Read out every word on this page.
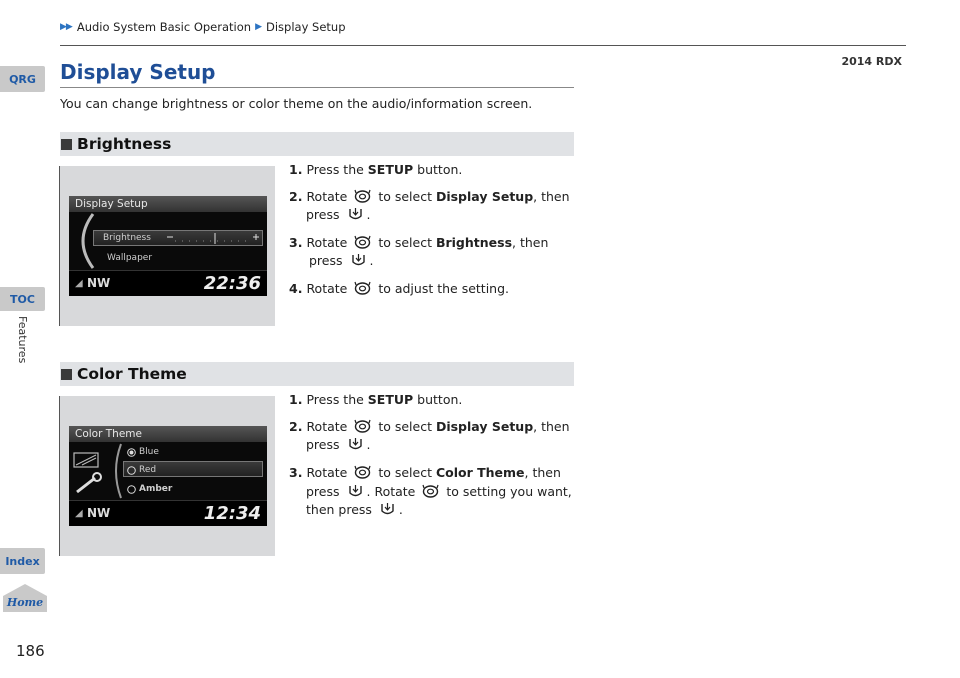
▶▶ Audio System Basic Operation ▶ Display Setup
2014 RDX
QRG
TOC
Features
Index
Home
186
Display Setup
You can change brightness or color theme on the audio/information screen.
Brightness
Display Setup
Brightness
Wallpaper
◢ NW	22:36
1. Press the SETUP button.
2. Rotate  to select Display Setup, then
press .
3. Rotate  to select Brightness, then
press .
4. Rotate  to adjust the setting.
Color Theme
Color Theme
Blue
Red
Amber
◢ NW	12:34
1. Press the SETUP button.
2. Rotate  to select Display Setup, then
press .
3. Rotate  to select Color Theme, then
press . Rotate  to setting you want,
then press .
